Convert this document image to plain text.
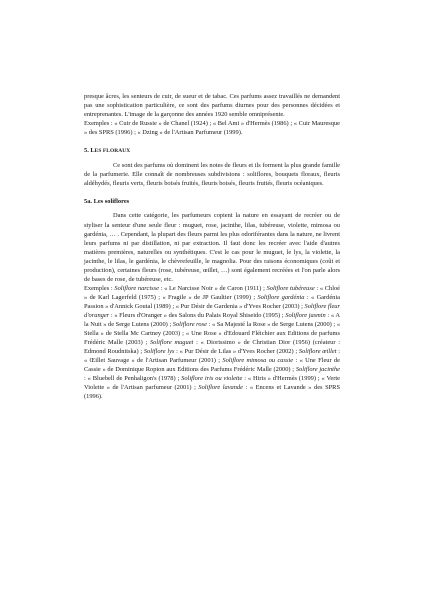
presque âcres, les senteurs de cuir, de sueur et de tabac. Ces parfums assez travaillés ne demandent pas une sophistication particulière, ce sont des parfums diurnes pour des personnes décidées et entreprenantes. L'image de la garçonne des années 1920 semble omniprésente.

Exemples : « Cuir de Russie » de Chanel (1924) ; « Bel Ami » d'Hermès (1986) ; « Cuir Mauresque » des SPRS (1996) ; « Dzing » de l'Artisan Parfumeur (1999).

5. LES FLORAUX

Ce sont des parfums où dominent les notes de fleurs et ils forment la plus grande famille de la parfumerie. Elle connaît de nombreuses subdivisions : soliflores, bouquets floraux, fleuris aldéhydés, fleuris verts, fleuris boisés fruités, fleuris boisés, fleuris fruités, fleuris océaniques.

5a. Les soliflores

Dans cette catégorie, les parfumeurs copient la nature en essayant de recréer ou de styliser la senteur d'une seule fleur : muguet, rose, jacinthe, lilas, tubéreuse, violette, mimosa ou gardénia, … . Cependant, la plupart des fleurs parmi les plus odoriférantes dans la nature, ne livrent leurs parfums ni par distillation, ni par extraction. Il faut donc les recréer avec l'aide d'autres matières premières, naturelles ou synthétiques. C'est le cas pour le muguet, le lys, la violette, la jacinthe, le lilas, le gardénia, le chèvrefeuille, le magnolia. Pour des raisons économiques (coût et production), certaines fleurs (rose, tubéreuse, œillet, …) sont également recréées et l'on parle alors de bases de rose, de tubéreuse, etc.

Exemples : Soliflore narcisse : « Le Narcisse Noir » de Caron (1911) ; Soliflore tubéreuse : « Chloé » de Karl Lagerfeld (1975) ; « Fragile » de JP Gaultier (1999) ; Soliflore gardénia : « Gardénia Passion » d'Annick Goutal (1989) ; « Pur Désir de Gardenia » d'Yves Rocher (2003) ; Soliflore fleur d'oranger : « Fleurs d'Oranger » des Salons du Palais Royal Shiseido (1995) ; Soliflore jasmin : « A la Nuit » de Serge Lutens (2000) ; Soliflore rose : « Sa Majesté la Rose » de Serge Lutens (2000) ; « Stella » de Stella Mc Cartney (2003) ; « Une Rose » d'Edouard Fléichier aux Editions de parfums Frédéric Malle (2003) ; Soliflore muguet : « Diorissimo » de Christian Dior (1956) (créateur : Edmond Roudnitska) ; Soliflore lys : « Pur Désir de Lilas » d'Yves Rocher (2002) ; Soliflore œillet : « Œillet Sauvage » de l'Artisan Parfumeur (2001) ; Soliflore mimosa ou cassie : « Une Fleur de Cassie » de Dominique Ropion aux Editions des Parfums Frédéric Malle (2000) ; Soliflore jacinthe : « Bluebell de Penhaligon's (1978) ; Soliflore iris ou violette : « Hiris » d'Hermès (1999) ; « Verte Violette » de l'Artisan parfumeur (2001) ; Soliflore lavande : « Encens et Lavande » des SPRS (1996).
